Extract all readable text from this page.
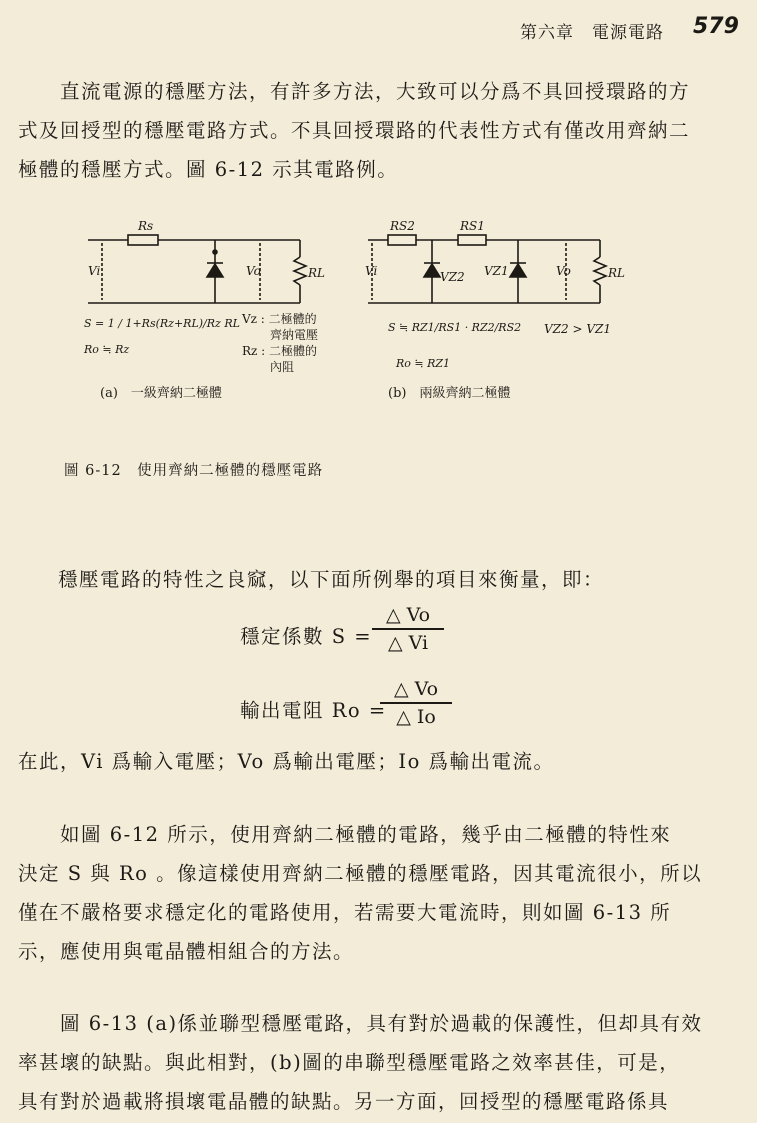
第六章　電源電路 579
　　直流電源的穩壓方法，有許多方法，大致可以分爲不具回授環路的方
式及回授型的穩壓電路方式。不具回授環路的代表性方式有僅改用齊納二
極體的穩壓方式。圖 6-12 示其電路例。
Rs
Vi	Vo	RL
S = 1 / 1+Rs(Rz+RL)/Rz RL
Ro ≒ Rz
Vz : 二極體的
齊納電壓
Rz : 二極體的
內阻
(a)　一級齊納二極體
RS2	RS1
Vi	VZ2 VZ1	Vo	RL
S ≒ RZ1/RS1 · RZ2/RS2
Ro ≒ RZ1
VZ2 > VZ1
(b)　兩級齊納二極體
圖 6-12　使用齊納二極體的穩壓電路
穩壓電路的特性之良窳，以下面所例舉的項目來衡量，即：
穩定係數 S =
△ Vo
△ Vi
輸出電阻 Ro =
△ Vo
△ Io
在此，Vi 爲輸入電壓；Vo 爲輸出電壓；Io 爲輸出電流。
　　如圖 6-12 所示，使用齊納二極體的電路，幾乎由二極體的特性來
決定 S 與 Ro 。像這樣使用齊納二極體的穩壓電路，因其電流很小，所以
僅在不嚴格要求穩定化的電路使用，若需要大電流時，則如圖 6-13 所
示，應使用與電晶體相組合的方法。
　　圖 6-13 (a)係並聯型穩壓電路，具有對於過載的保護性，但却具有效
率甚壞的缺點。與此相對，(b)圖的串聯型穩壓電路之效率甚佳，可是，
具有對於過載將損壞電晶體的缺點。另一方面，回授型的穩壓電路係具
